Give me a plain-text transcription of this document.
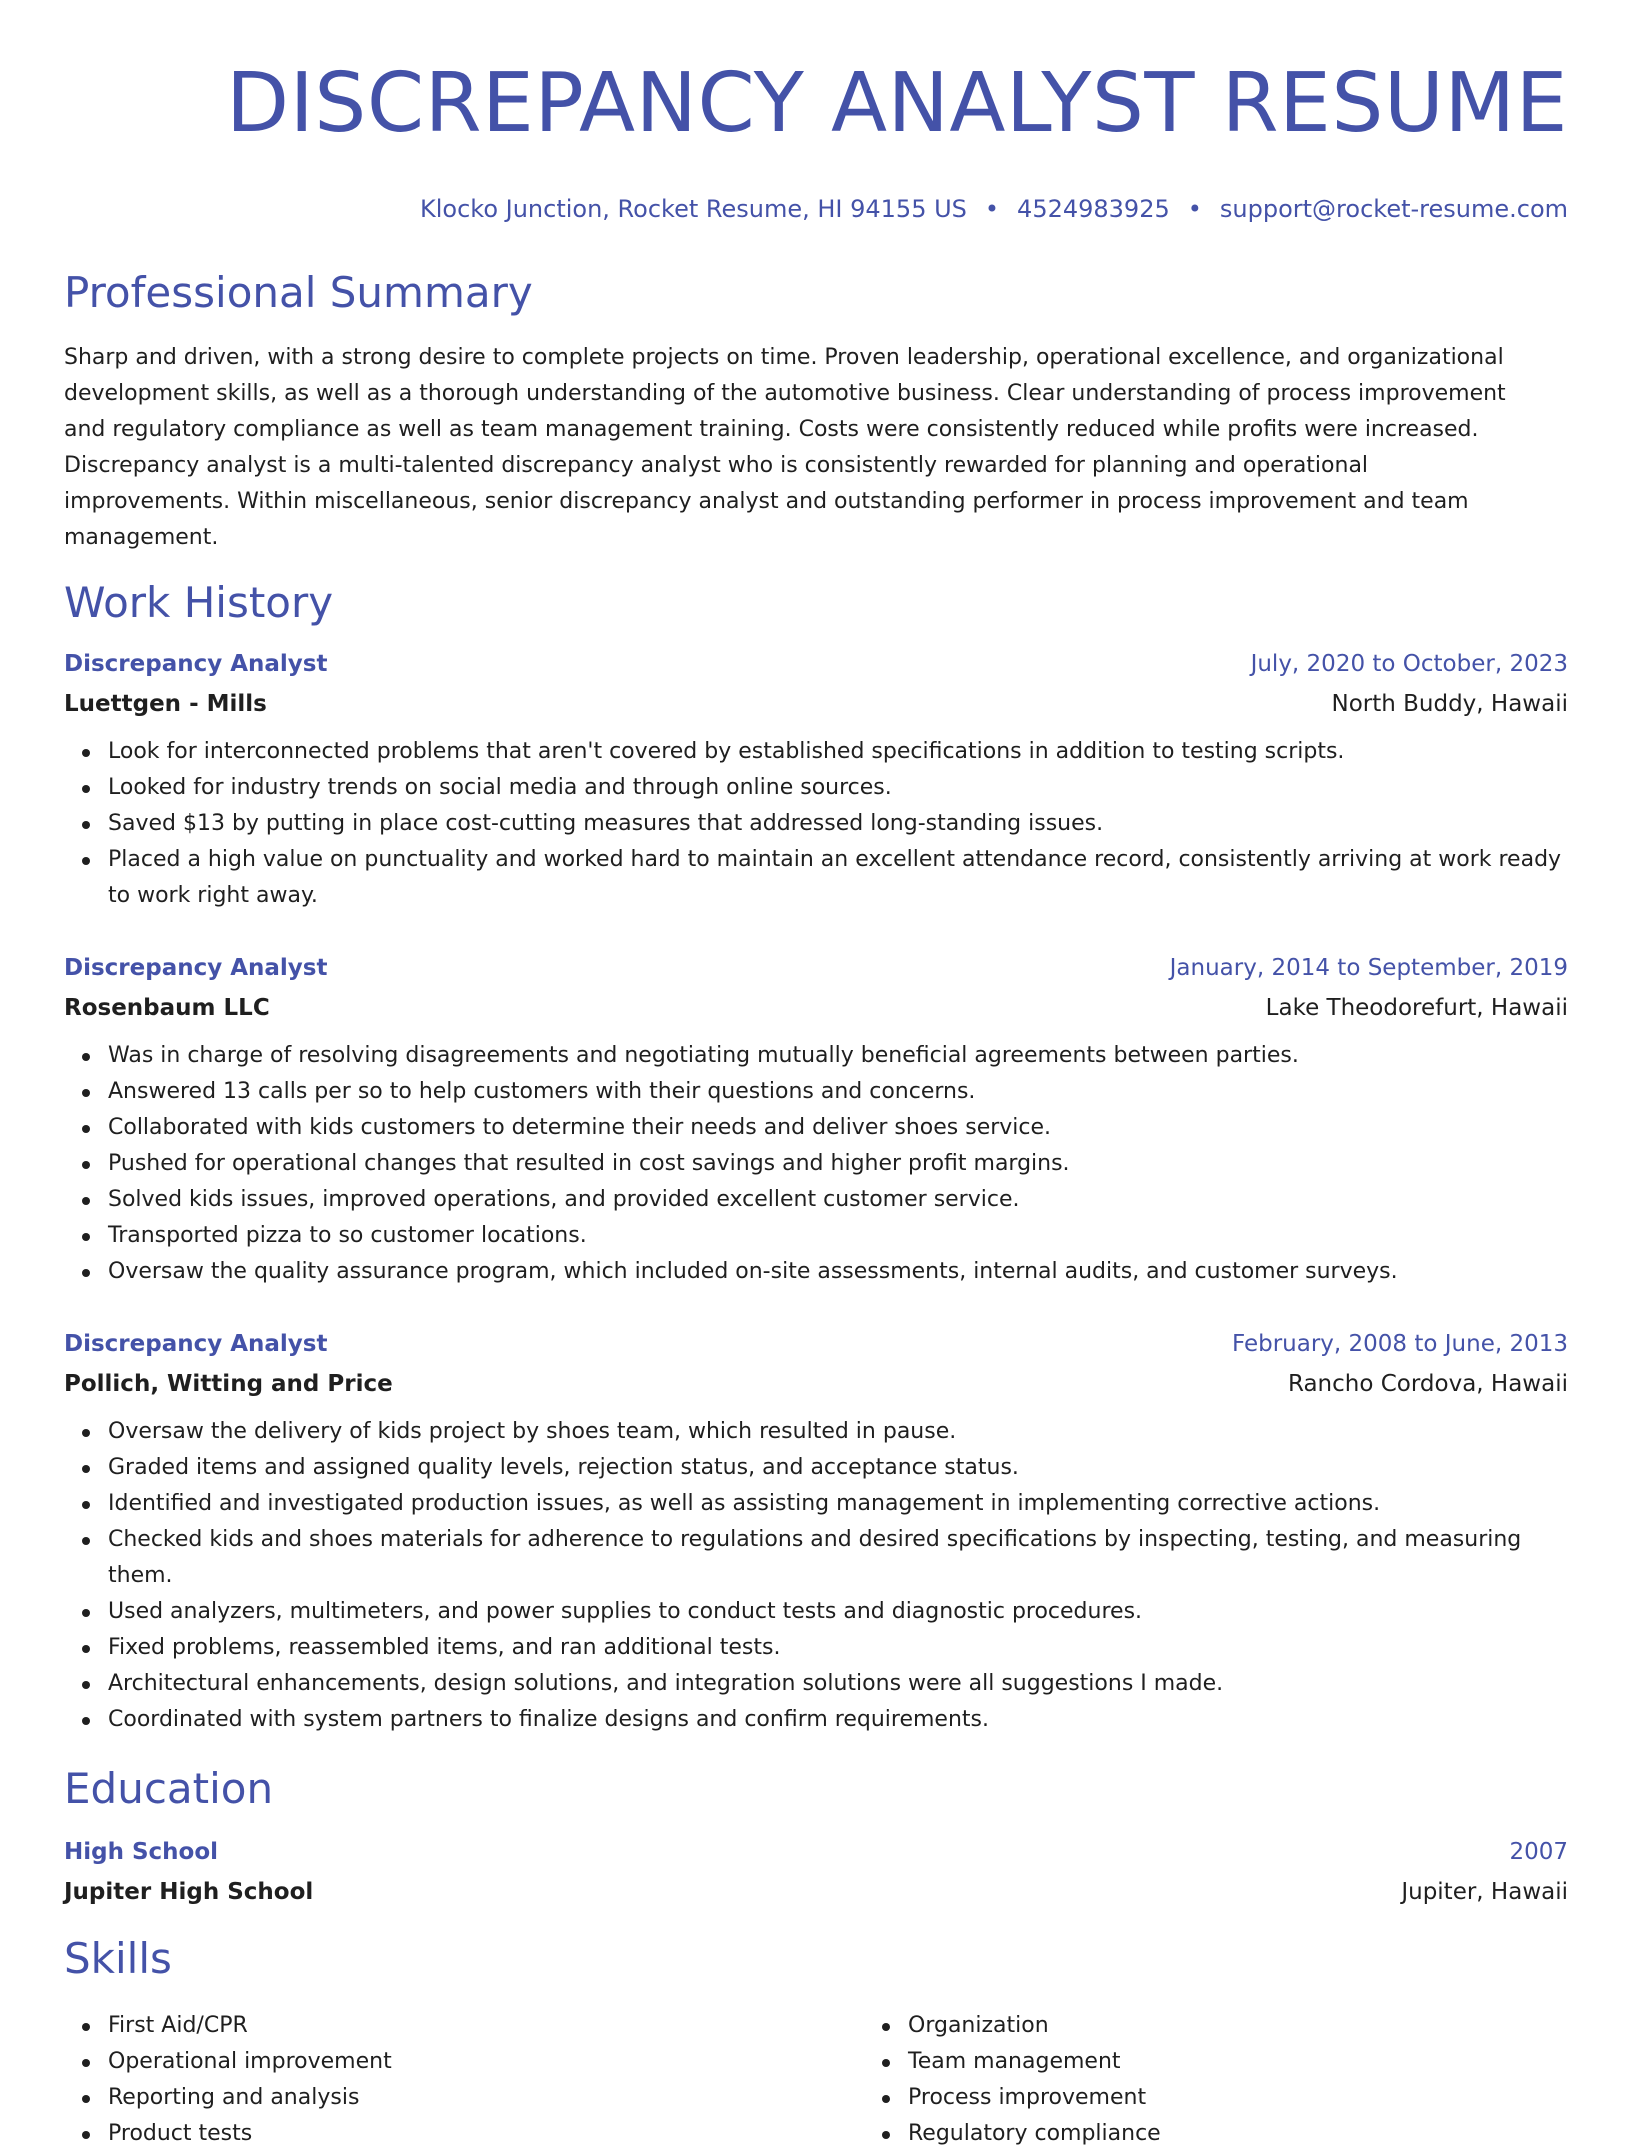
DISCREPANCY ANALYST RESUME
Klocko Junction, Rocket Resume, HI 94155 US • 4524983925 • support@rocket-resume.com
Professional Summary

Sharp and driven, with a strong desire to complete projects on time. Proven leadership, operational excellence, and organizational development skills, as well as a thorough understanding of the automotive business. Clear understanding of process improvement and regulatory compliance as well as team management training. Costs were consistently reduced while profits were increased. Discrepancy analyst is a multi-talented discrepancy analyst who is consistently rewarded for planning and operational improvements. Within miscellaneous, senior discrepancy analyst and outstanding performer in process improvement and team management.

Work History
Discrepancy Analyst	July, 2020 to October, 2023
Luettgen - Mills	North Buddy, Hawaii
Look for interconnected problems that aren't covered by established specifications in addition to testing scripts.
Looked for industry trends on social media and through online sources.
Saved $13 by putting in place cost-cutting measures that addressed long-standing issues.
Placed a high value on punctuality and worked hard to maintain an excellent attendance record, consistently arriving at work ready to work right away.
Discrepancy Analyst	January, 2014 to September, 2019
Rosenbaum LLC	Lake Theodorefurt, Hawaii
Was in charge of resolving disagreements and negotiating mutually beneficial agreements between parties.
Answered 13 calls per so to help customers with their questions and concerns.
Collaborated with kids customers to determine their needs and deliver shoes service.
Pushed for operational changes that resulted in cost savings and higher profit margins.
Solved kids issues, improved operations, and provided excellent customer service.
Transported pizza to so customer locations.
Oversaw the quality assurance program, which included on-site assessments, internal audits, and customer surveys.
Discrepancy Analyst	February, 2008 to June, 2013
Pollich, Witting and Price	Rancho Cordova, Hawaii
Oversaw the delivery of kids project by shoes team, which resulted in pause.
Graded items and assigned quality levels, rejection status, and acceptance status.
Identified and investigated production issues, as well as assisting management in implementing corrective actions.
Checked kids and shoes materials for adherence to regulations and desired specifications by inspecting, testing, and measuring them.
Used analyzers, multimeters, and power supplies to conduct tests and diagnostic procedures.
Fixed problems, reassembled items, and ran additional tests.
Architectural enhancements, design solutions, and integration solutions were all suggestions I made.
Coordinated with system partners to finalize designs and confirm requirements.
Education
High School	2007
Jupiter High School	Jupiter, Hawaii
Skills
First Aid/CPR
Operational improvement
Reporting and analysis
Product tests
Organization
Team management
Process improvement
Regulatory compliance
